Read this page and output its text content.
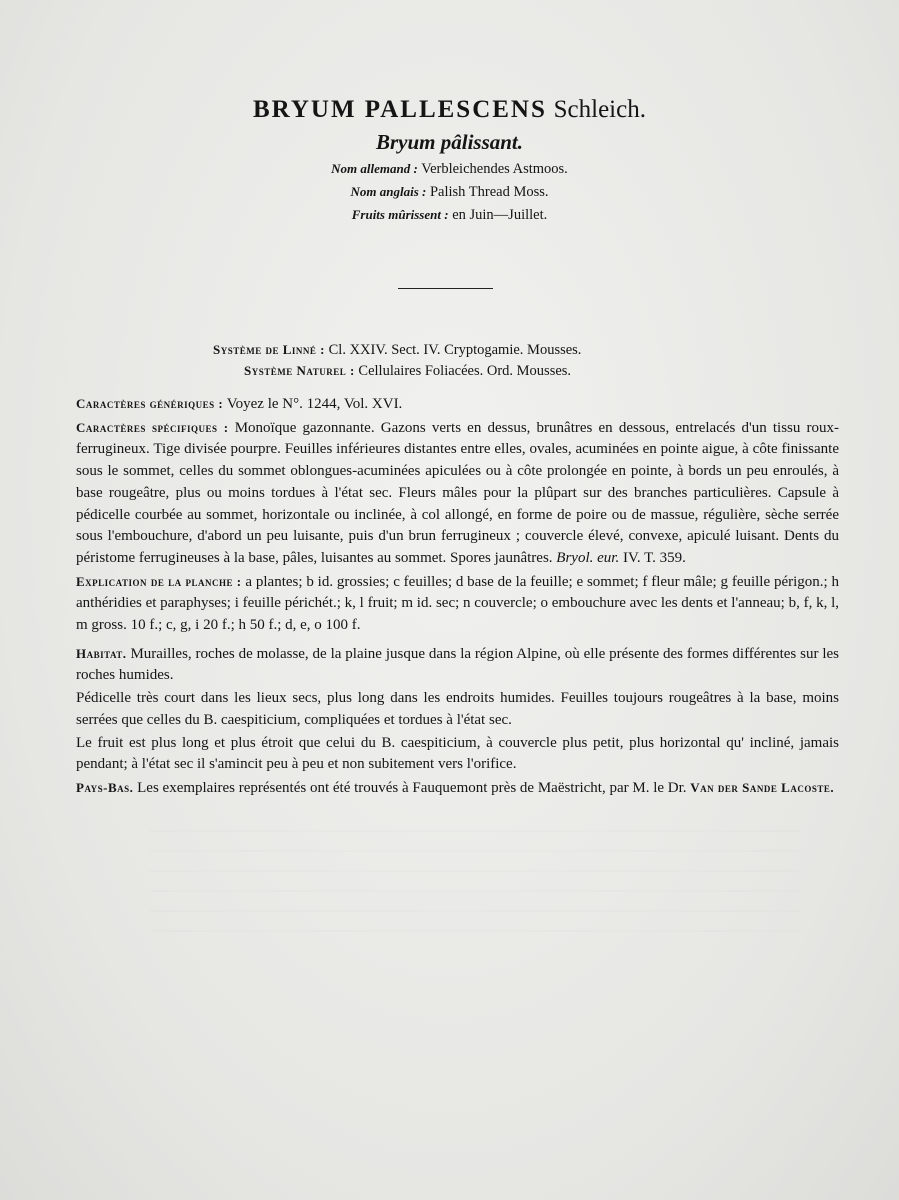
BRYUM PALLESCENS Schleich.
Bryum pâlissant.
Nom allemand : Verbleichendes Astmoos.
Nom anglais : Palish Thread Moss.
Fruits mûrissent : en Juin—Juillet.
Système de Linné : Cl. XXIV. Sect. IV. Cryptogamie. Mousses.
Système Naturel : Cellulaires Foliacées. Ord. Mousses.
Caractères génériques : Voyez le N°. 1244, Vol. XVI.
Caractères spécifiques : Monoïque gazonnante. Gazons verts en dessus, brunâtres en dessous, entrelacés d'un tissu roux-ferrugineux. Tige divisée pourpre. Feuilles inférieures distantes entre elles, ovales, acuminées en pointe aigue, à côte finissante sous le sommet, celles du sommet oblongues-acuminées apiculées ou à côte prolongée en pointe, à bords un peu enroulés, à base rougeâtre, plus ou moins tordues à l'état sec. Fleurs mâles pour la plûpart sur des branches particulières. Capsule à pédicelle courbée au sommet, horizontale ou inclinée, à col allongé, en forme de poire ou de massue, régulière, sèche serrée sous l'embouchure, d'abord un peu luisante, puis d'un brun ferrugineux ; couvercle élevé, convexe, apiculé luisant. Dents du péristome ferrugineuses à la base, pâles, luisantes au sommet. Spores jaunâtres. Bryol. eur. IV. T. 359.
Explication de la planche : a plantes; b id. grossies; c feuilles; d base de la feuille; e sommet; f fleur mâle; g feuille périgon.; h anthéridies et paraphyses; i feuille périchét.; k, l fruit; m id. sec; n couvercle; o embouchure avec les dents et l'anneau; b, f, k, l, m gross. 10 f.; c, g, i 20 f.; h 50 f.; d, e, o 100 f.
Habitat. Murailles, roches de molasse, de la plaine jusque dans la région Alpine, où elle présente des formes différentes sur les roches humides.
Pédicelle très court dans les lieux secs, plus long dans les endroits humides. Feuilles toujours rougeâtres à la base, moins serrées que celles du B. caespiticium, compliquées et tordues à l'état sec.
Le fruit est plus long et plus étroit que celui du B. caespiticium, à couvercle plus petit, plus horizontal qu' incliné, jamais pendant; à l'état sec il s'amincit peu à peu et non subitement vers l'orifice.
Pays-Bas. Les exemplaires représentés ont été trouvés à Fauquemont près de Maëstricht, par M. le Dr. Van der Sande Lacoste.
